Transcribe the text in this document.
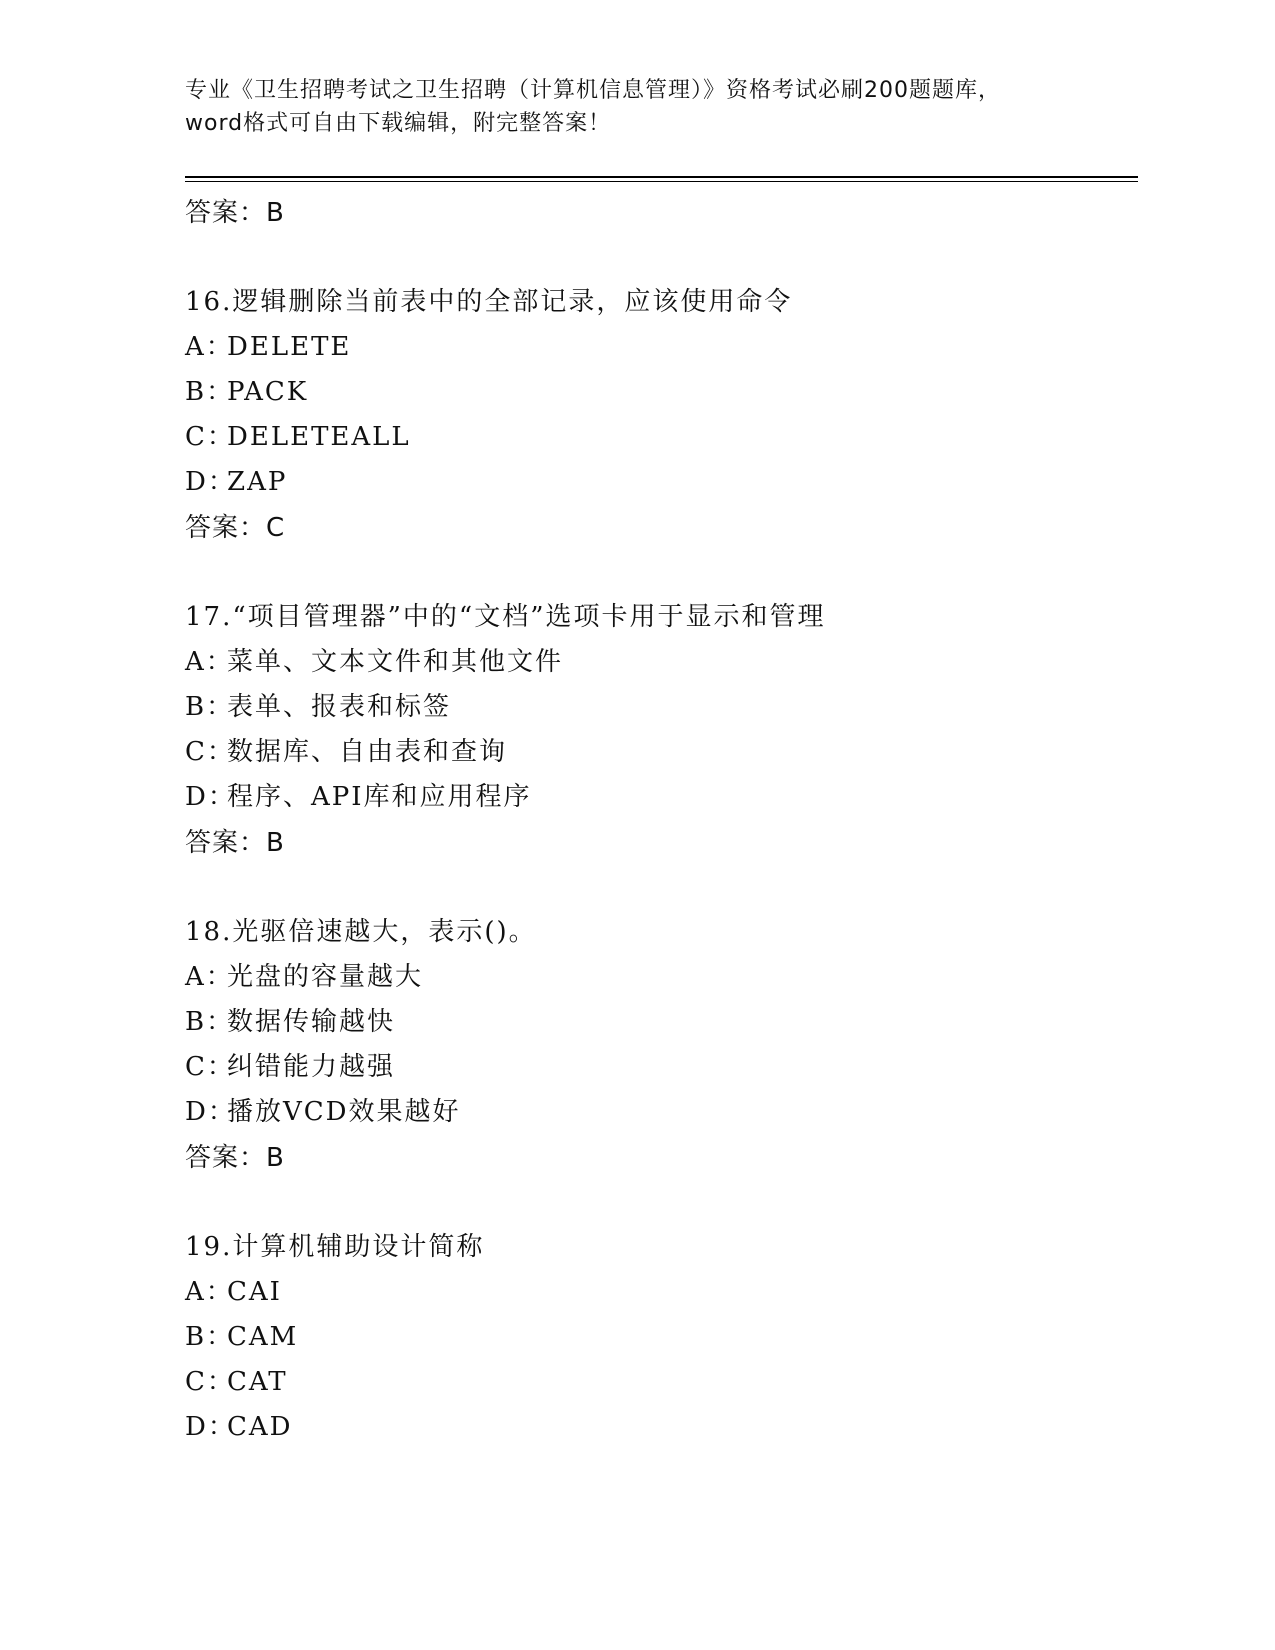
专业《卫生招聘考试之卫生招聘（计算机信息管理）》资格考试必刷200题题库，
word格式可自由下载编辑，附完整答案！
答案：B
16.逻辑删除当前表中的全部记录，应该使用命令
A：DELETE
B：PACK
C：DELETEALL
D：ZAP
答案：C
17.“项目管理器”中的“文档”选项卡用于显示和管理
A：菜单、文本文件和其他文件
B：表单、报表和标签
C：数据库、自由表和查询
D：程序、API库和应用程序
答案：B
18.光驱倍速越大，表示()。
A：光盘的容量越大
B：数据传输越快
C：纠错能力越强
D：播放VCD效果越好
答案：B
19.计算机辅助设计简称
A：CAI
B：CAM
C：CAT
D：CAD
